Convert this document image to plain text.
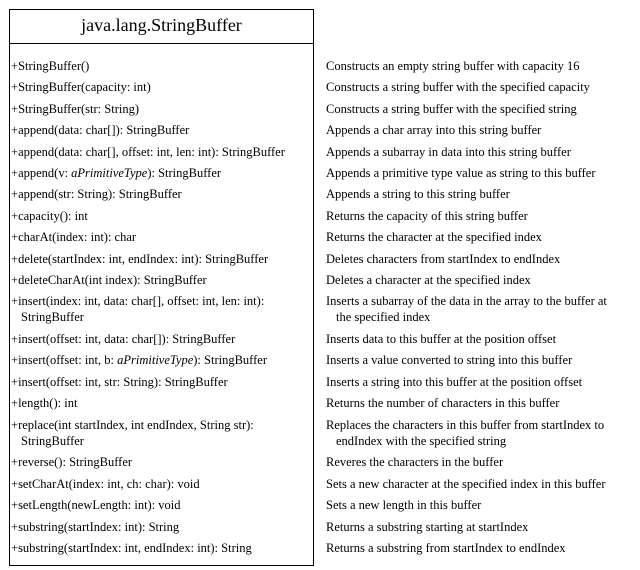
java.lang.StringBuffer
+StringBuffer()
+StringBuffer(capacity: int)
+StringBuffer(str: String)
+append(data: char[]): StringBuffer
+append(data: char[], offset: int, len: int): StringBuffer
+append(v: aPrimitiveType): StringBuffer
+append(str: String): StringBuffer
+capacity(): int
+charAt(index: int): char
+delete(startIndex: int, endIndex: int): StringBuffer
+deleteCharAt(int index): StringBuffer
+insert(index: int, data: char[], offset: int, len: int):
StringBuffer
+insert(offset: int, data: char[]): StringBuffer
+insert(offset: int, b: aPrimitiveType): StringBuffer
+insert(offset: int, str: String): StringBuffer
+length(): int
+replace(int startIndex, int endIndex, String str):
StringBuffer
+reverse(): StringBuffer
+setCharAt(index: int, ch: char): void
+setLength(newLength: int): void
+substring(startIndex: int): String
+substring(startIndex: int, endIndex: int): String
Constructs an empty string buffer with capacity 16
Constructs a string buffer with the specified capacity
Constructs a string buffer with the specified string
Appends a char array into this string buffer
Appends a subarray in data into this string buffer
Appends a primitive type value as string to this buffer
Appends a string to this string buffer
Returns the capacity of this string buffer
Returns the character at the specified index
Deletes characters from startIndex to endIndex
Deletes a character at the specified index
Inserts a subarray of the data in the array to the buffer at
the specified index
Inserts data to this buffer at the position offset
Inserts a value converted to string into this buffer
Inserts a string into this buffer at the position offset
Returns the number of characters in this buffer
Replaces the characters in this buffer from startIndex to
endIndex with the specified string
Reveres the characters in the buffer
Sets a new character at the specified index in this buffer
Sets a new length in this buffer
Returns a substring starting at startIndex
Returns a substring from startIndex to endIndex
